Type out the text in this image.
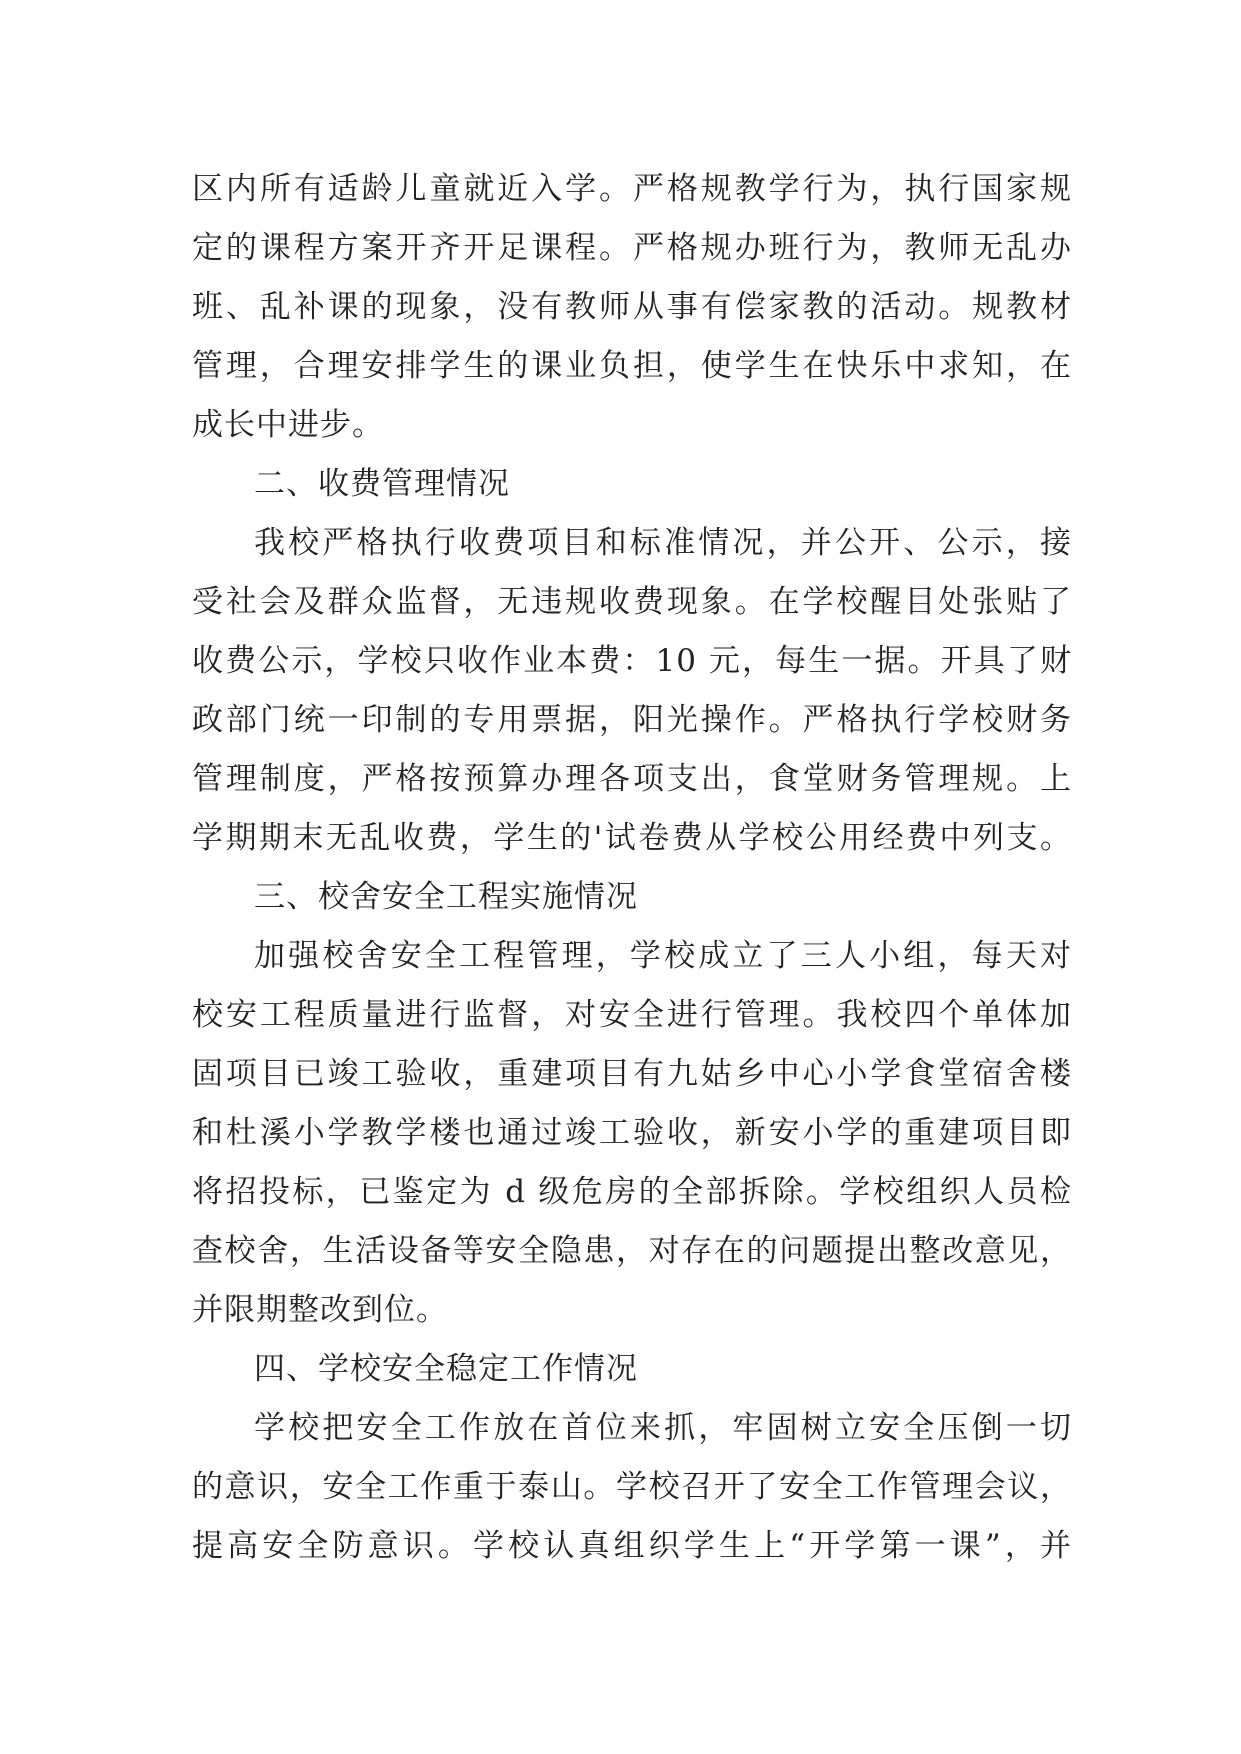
区内所有适龄儿童就近入学。严格规教学行为，执行国家规
定的课程方案开齐开足课程。严格规办班行为，教师无乱办
班、乱补课的现象，没有教师从事有偿家教的活动。规教材
管理，合理安排学生的课业负担，使学生在快乐中求知，在
成长中进步。
二、收费管理情况
我校严格执行收费项目和标准情况，并公开、公示，接
受社会及群众监督，无违规收费现象。在学校醒目处张贴了
收费公示，学校只收作业本费：10 元，每生一据。开具了财
政部门统一印制的专用票据，阳光操作。严格执行学校财务
管理制度，严格按预算办理各项支出，食堂财务管理规。上
学期期末无乱收费，学生的'试卷费从学校公用经费中列支。
三、校舍安全工程实施情况
加强校舍安全工程管理，学校成立了三人小组，每天对
校安工程质量进行监督，对安全进行管理。我校四个单体加
固项目已竣工验收，重建项目有九姑乡中心小学食堂宿舍楼
和杜溪小学教学楼也通过竣工验收，新安小学的重建项目即
将招投标，已鉴定为 d 级危房的全部拆除。学校组织人员检
查校舍，生活设备等安全隐患，对存在的问题提出整改意见，
并限期整改到位。
四、学校安全稳定工作情况
学校把安全工作放在首位来抓，牢固树立安全压倒一切
的意识，安全工作重于泰山。学校召开了安全工作管理会议，
提高安全防意识。学校认真组织学生上“开学第一课”，并
